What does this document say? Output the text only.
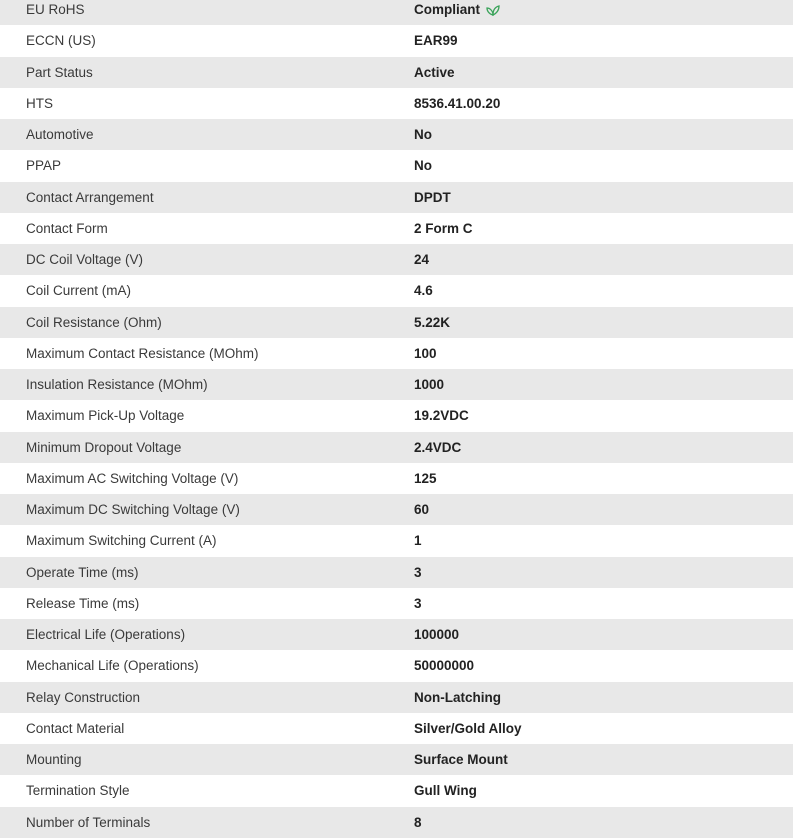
EU RoHS	Compliant
ECCN (US)	EAR99
Part Status	Active
HTS	8536.41.00.20
Automotive	No
PPAP	No
Contact Arrangement	DPDT
Contact Form	2 Form C
DC Coil Voltage (V)	24
Coil Current (mA)	4.6
Coil Resistance (Ohm)	5.22K
Maximum Contact Resistance (MOhm)	100
Insulation Resistance (MOhm)	1000
Maximum Pick-Up Voltage	19.2VDC
Minimum Dropout Voltage	2.4VDC
Maximum AC Switching Voltage (V)	125
Maximum DC Switching Voltage (V)	60
Maximum Switching Current (A)	1
Operate Time (ms)	3
Release Time (ms)	3
Electrical Life (Operations)	100000
Mechanical Life (Operations)	50000000
Relay Construction	Non-Latching
Contact Material	Silver/Gold Alloy
Mounting	Surface Mount
Termination Style	Gull Wing
Number of Terminals	8
